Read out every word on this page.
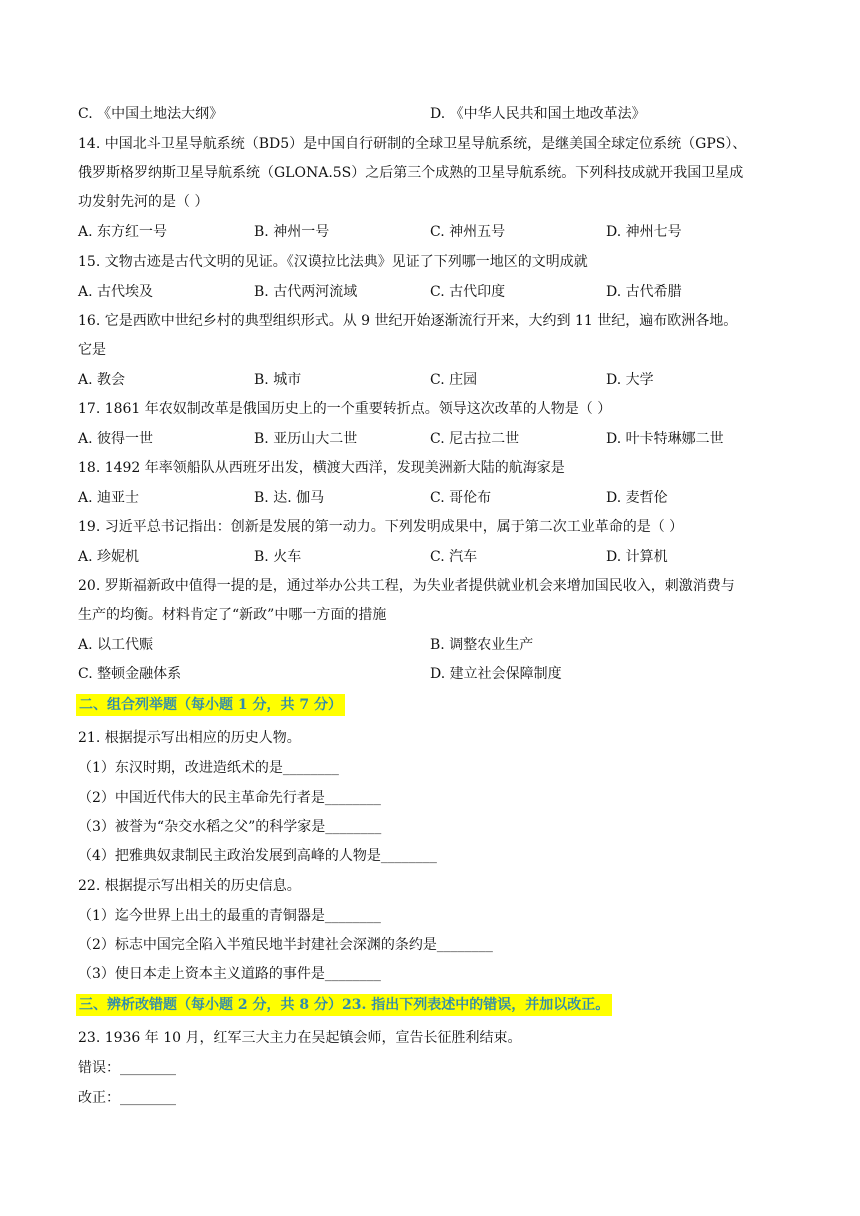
C. 《中国土地法大纲》	D. 《中华人民共和国土地改革法》
14. 中国北斗卫星导航系统（BD5）是中国自行研制的全球卫星导航系统，是继美国全球定位系统（GPS）、
俄罗斯格罗纳斯卫星导航系统（GLONA.5S）之后第三个成熟的卫星导航系统。下列科技成就开我国卫星成
功发射先河的是（ ）
A. 东方红一号	B. 神州一号	C. 神州五号	D. 神州七号
15. 文物古迹是古代文明的见证。《汉谟拉比法典》见证了下列哪一地区的文明成就
A. 古代埃及	B. 古代两河流域	C. 古代印度	D. 古代希腊
16. 它是西欧中世纪乡村的典型组织形式。从 9 世纪开始逐渐流行开来，大约到 11 世纪，遍布欧洲各地。
它是
A. 教会	B. 城市	C. 庄园	D. 大学
17. 1861 年农奴制改革是俄国历史上的一个重要转折点。领导这次改革的人物是（ ）
A. 彼得一世	B. 亚历山大二世	C. 尼古拉二世	D. 叶卡特琳娜二世
18. 1492 年率领船队从西班牙出发，横渡大西洋，发现美洲新大陆的航海家是
A. 迪亚士	B. 达. 伽马	C. 哥伦布	D. 麦哲伦
19. 习近平总书记指出：创新是发展的第一动力。下列发明成果中，属于第二次工业革命的是（ ）
A. 珍妮机	B. 火车	C. 汽车	D. 计算机
20. 罗斯福新政中值得一提的是，通过举办公共工程，为失业者提供就业机会来增加国民收入，刺激消费与
生产的均衡。材料肯定了“新政”中哪一方面的措施
A. 以工代赈	B. 调整农业生产
C. 整顿金融体系	D. 建立社会保障制度
二、组合列举题（每小题 1 分，共 7 分）
21. 根据提示写出相应的历史人物。
（1）东汉时期，改进造纸术的是________
（2）中国近代伟大的民主革命先行者是________
（3）被誉为“杂交水稻之父”的科学家是________
（4）把雅典奴隶制民主政治发展到高峰的人物是________
22. 根据提示写出相关的历史信息。
（1）迄今世界上出土的最重的青铜器是________
（2）标志中国完全陷入半殖民地半封建社会深渊的条约是________
（3）使日本走上资本主义道路的事件是________
三、辨析改错题（每小题 2 分，共 8 分）23. 指出下列表述中的错误，并加以改正。
23. 1936 年 10 月，红军三大主力在吴起镇会师，宣告长征胜利结束。
错误：________
改正：________
